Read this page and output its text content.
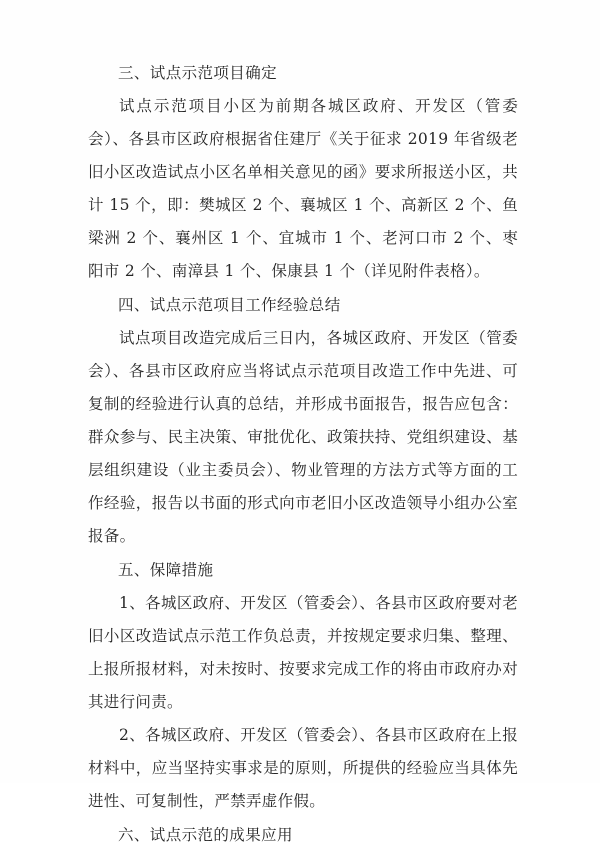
三、试点示范项目确定

试点示范项目小区为前期各城区政府、开发区（管委会）、各县市区政府根据省住建厅《关于征求 2019 年省级老旧小区改造试点小区名单相关意见的函》要求所报送小区，共计 15 个，即：樊城区 2 个、襄城区 1 个、高新区 2 个、鱼梁洲 2 个、襄州区 1 个、宜城市 1 个、老河口市 2 个、枣阳市 2 个、南漳县 1 个、保康县 1 个（详见附件表格）。

四、试点示范项目工作经验总结

试点项目改造完成后三日内，各城区政府、开发区（管委会）、各县市区政府应当将试点示范项目改造工作中先进、可复制的经验进行认真的总结，并形成书面报告，报告应包含：群众参与、民主决策、审批优化、政策扶持、党组织建设、基层组织建设（业主委员会）、物业管理的方法方式等方面的工作经验，报告以书面的形式向市老旧小区改造领导小组办公室报备。

五、保障措施

1、各城区政府、开发区（管委会）、各县市区政府要对老旧小区改造试点示范工作负总责，并按规定要求归集、整理、上报所报材料，对未按时、按要求完成工作的将由市政府办对其进行问责。

2、各城区政府、开发区（管委会）、各县市区政府在上报材料中，应当坚持实事求是的原则，所提供的经验应当具体先进性、可复制性，严禁弄虚作假。

六、试点示范的成果应用
